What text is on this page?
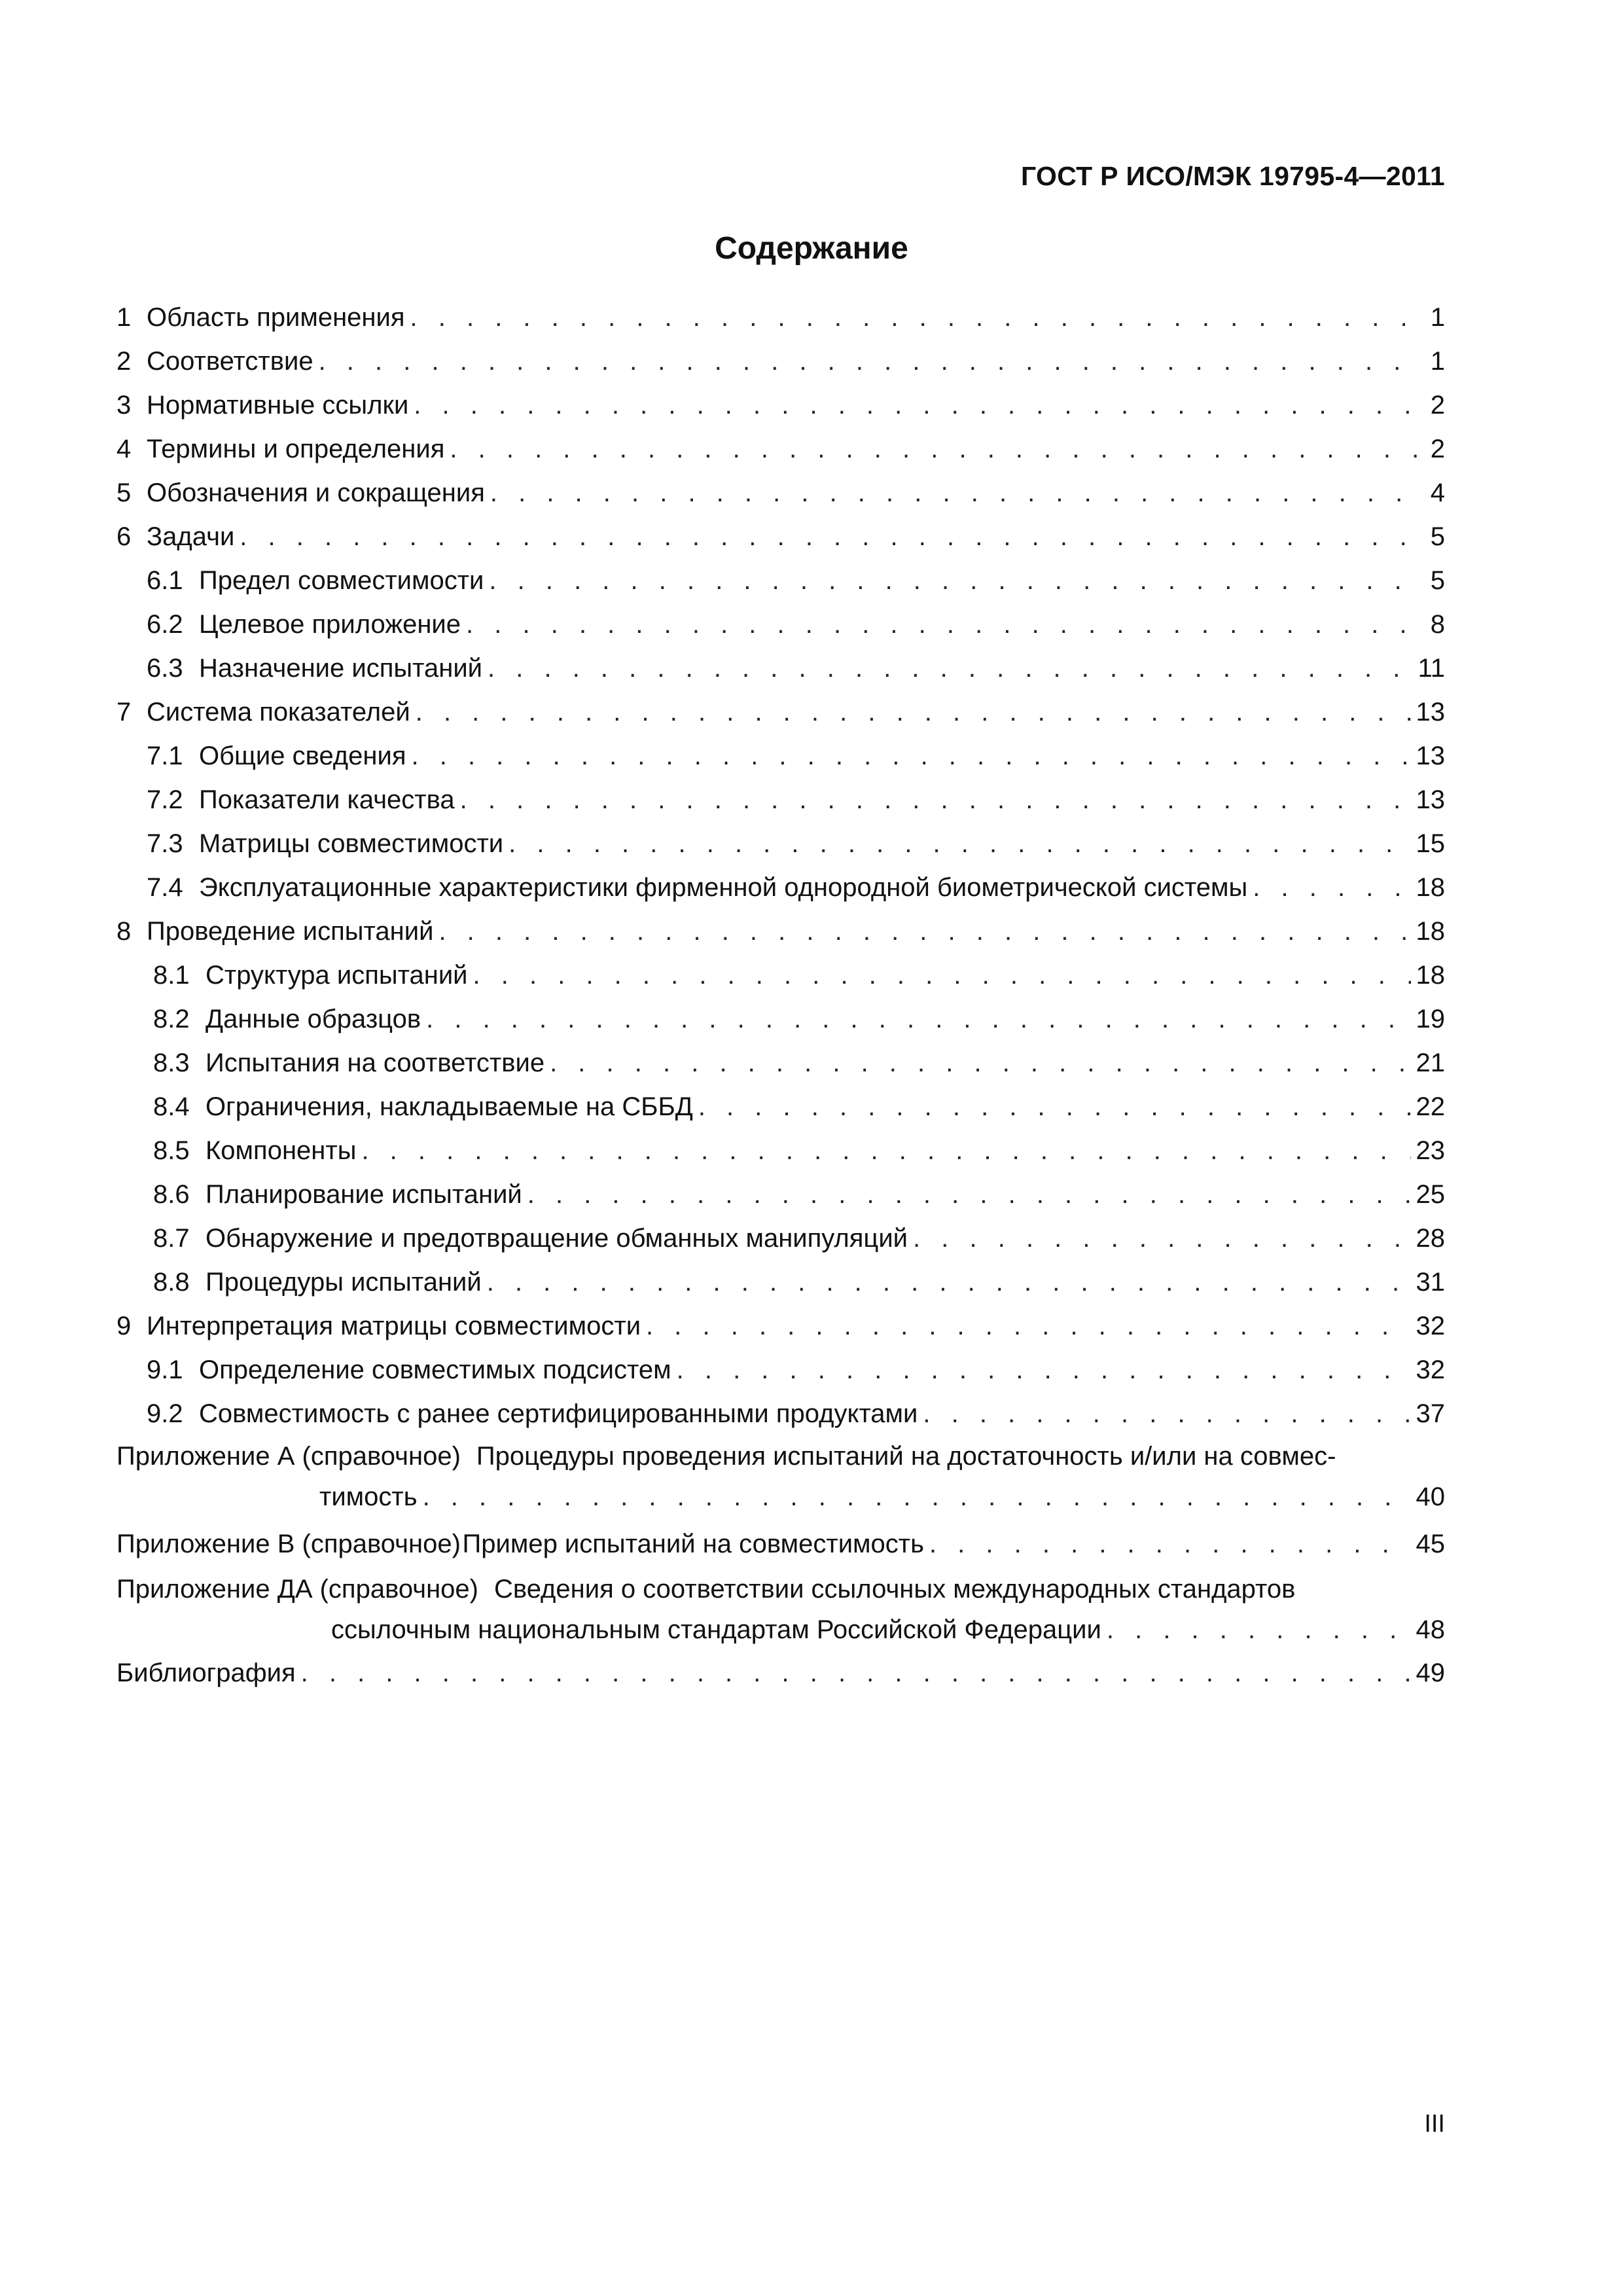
ГОСТ Р ИСО/МЭК 19795-4—2011
Содержание
1 Область применения . . .	1
2 Соответствие . . .	1
3 Нормативные ссылки . . .	2
4 Термины и определения . . .	2
5 Обозначения и сокращения . . .	4
6 Задачи . . .	5
6.1 Предел совместимости . . .	5
6.2 Целевое приложение . . .	8
6.3 Назначение испытаний . . .	11
7 Система показателей . . .	13
7.1 Общие сведения . . .	13
7.2 Показатели качества . . .	13
7.3 Матрицы совместимости . . .	15
7.4 Эксплуатационные характеристики фирменной однородной биометрической системы . . .	18
8 Проведение испытаний . . .	18
8.1 Структура испытаний . . .	18
8.2 Данные образцов . . .	19
8.3 Испытания на соответствие . . .	21
8.4 Ограничения, накладываемые на СББД . . .	22
8.5 Компоненты . . .	23
8.6 Планирование испытаний . . .	25
8.7 Обнаружение и предотвращение обманных манипуляций . . .	28
8.8 Процедуры испытаний . . .	31
9 Интерпретация матрицы совместимости . . .	32
9.1 Определение совместимых подсистем . . .	32
9.2 Совместимость с ранее сертифицированными продуктами . . .	37
Приложение А (справочное) Процедуры проведения испытаний на достаточность и/или на совмес-
тимость . . .	40
Приложение В (справочное) Пример испытаний на совместимость . . .	45
Приложение ДА (справочное) Сведения о соответствии ссылочных международных стандартов
ссылочным национальным стандартам Российской Федерации . . .	48
Библиография . . .	49
III
